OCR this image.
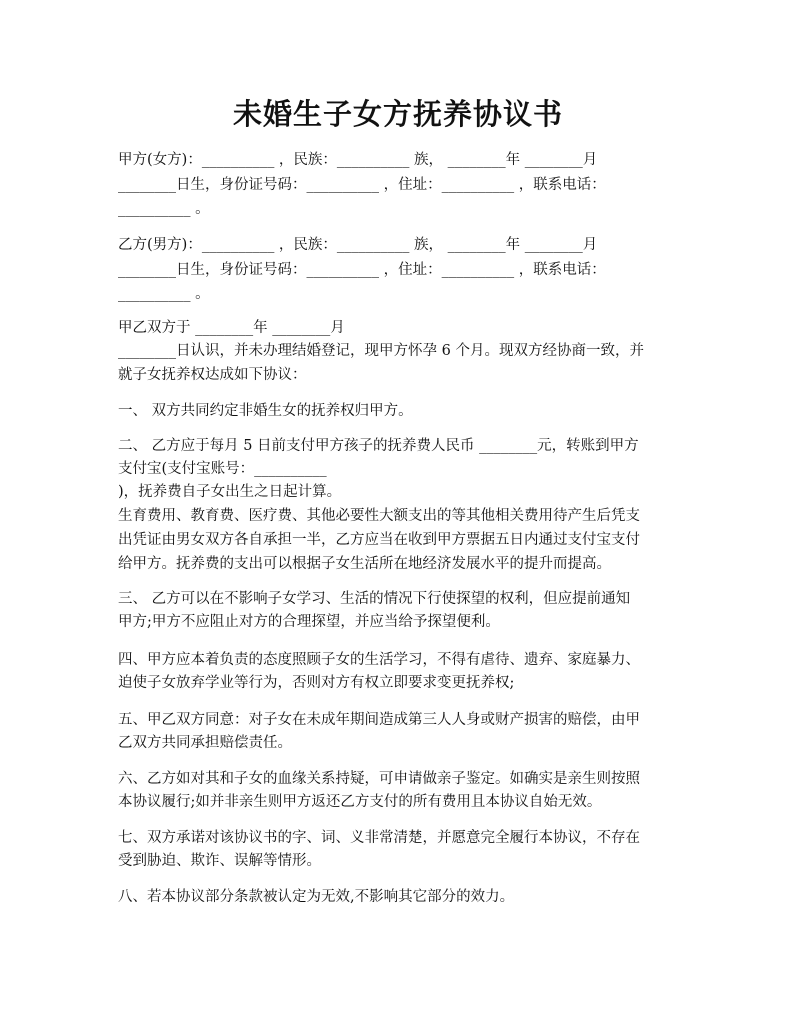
未婚生子女方抚养协议书
甲方(女方)：__________ ，民族：__________ 族， ________年 ________月
________日生，身份证号码：__________ ，住址：__________ ，联系电话：
__________ 。
乙方(男方)：__________ ，民族：__________ 族， ________年 ________月
________日生，身份证号码：__________ ，住址：__________ ，联系电话：
__________ 。
甲乙双方于 ________年 ________月
________日认识，并未办理结婚登记，现甲方怀孕 6 个月。现双方经协商一致，并
就子女抚养权达成如下协议：
一、 双方共同约定非婚生女的抚养权归甲方。
二、 乙方应于每月 5 日前支付甲方孩子的抚养费人民币 ________元，转账到甲方
支付宝(支付宝账号：__________
)，抚养费自子女出生之日起计算。
生育费用、教育费、医疗费、其他必要性大额支出的等其他相关费用待产生后凭支
出凭证由男女双方各自承担一半，乙方应当在收到甲方票据五日内通过支付宝支付
给甲方。抚养费的支出可以根据子女生活所在地经济发展水平的提升而提高。
三、 乙方可以在不影响子女学习、生活的情况下行使探望的权利，但应提前通知
甲方;甲方不应阻止对方的合理探望，并应当给予探望便利。
四、甲方应本着负责的态度照顾子女的生活学习，不得有虐待、遗弃、家庭暴力、
迫使子女放弃学业等行为，否则对方有权立即要求变更抚养权;
五、甲乙双方同意：对子女在未成年期间造成第三人人身或财产损害的赔偿，由甲
乙双方共同承担赔偿责任。
六、乙方如对其和子女的血缘关系持疑，可申请做亲子鉴定。如确实是亲生则按照
本协议履行;如并非亲生则甲方返还乙方支付的所有费用且本协议自始无效。
七、双方承诺对该协议书的字、词、义非常清楚，并愿意完全履行本协议，不存在
受到胁迫、欺诈、误解等情形。
八、若本协议部分条款被认定为无效,不影响其它部分的效力。
